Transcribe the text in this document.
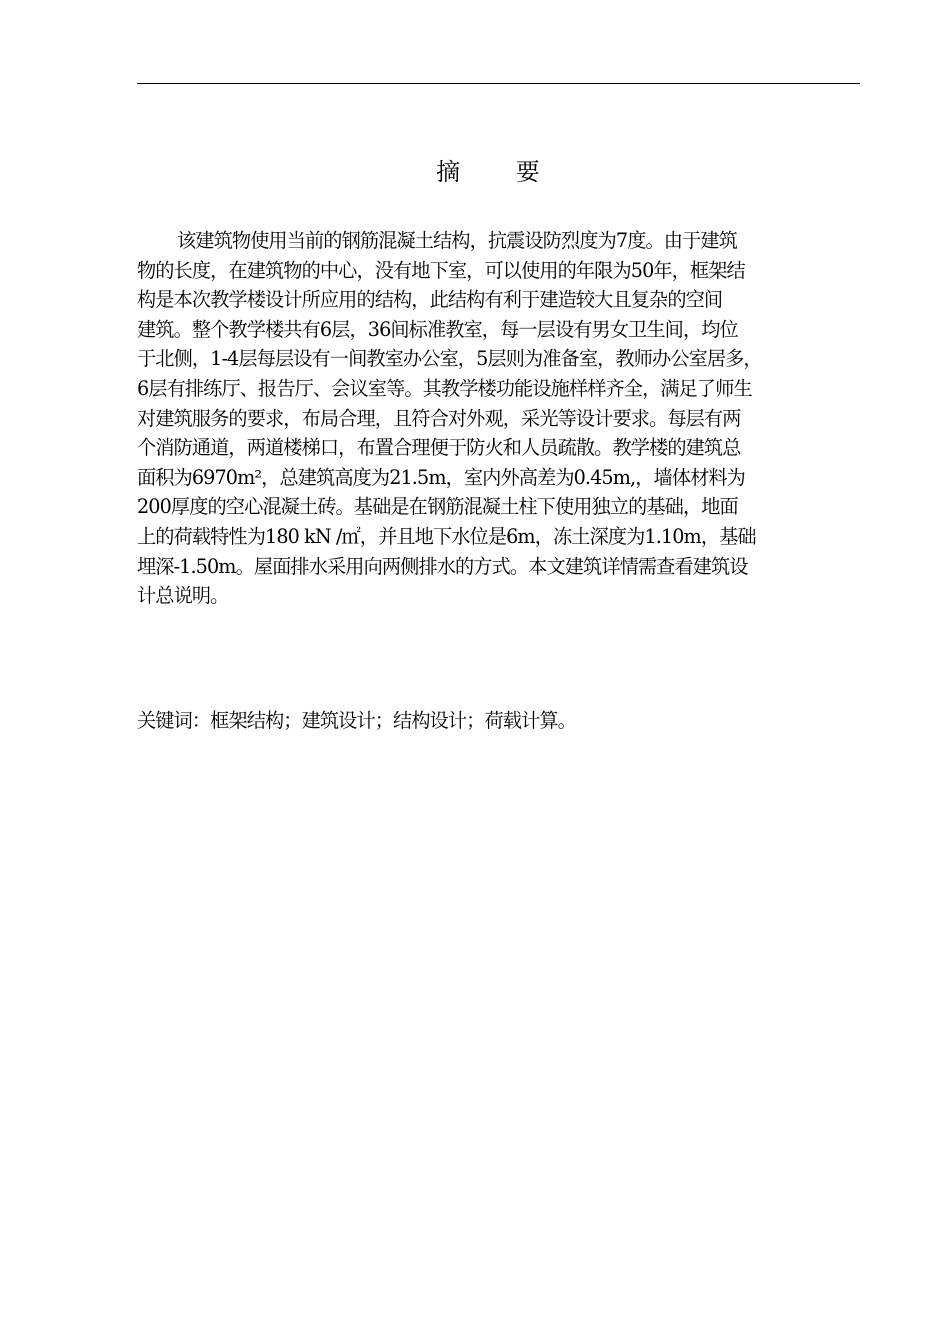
摘 要
该建筑物使用当前的钢筋混凝土结构，抗震设防烈度为7度。由于建筑
物的长度，在建筑物的中心，没有地下室，可以使用的年限为50年，框架结
构是本次教学楼设计所应用的结构，此结构有利于建造较大且复杂的空间
建筑。整个教学楼共有6层，36间标准教室，每一层设有男女卫生间，均位
于北侧，1-4层每层设有一间教室办公室，5层则为准备室，教师办公室居多，
6层有排练厅、报告厅、会议室等。其教学楼功能设施样样齐全，满足了师生
对建筑服务的要求，布局合理，且符合对外观，采光等设计要求。每层有两
个消防通道，两道楼梯口，布置合理便于防火和人员疏散。教学楼的建筑总
面积为6970m²，总建筑高度为21.5m，室内外高差为0.45m,，墙体材料为
200厚度的空心混凝土砖。基础是在钢筋混凝土柱下使用独立的基础，地面
上的荷载特性为180 kN /㎡，并且地下水位是6m，冻土深度为1.10m，基础
埋深-1.50m。屋面排水采用向两侧排水的方式。本文建筑详情需查看建筑设
计总说明。
关键词：框架结构；建筑设计；结构设计；荷载计算。
